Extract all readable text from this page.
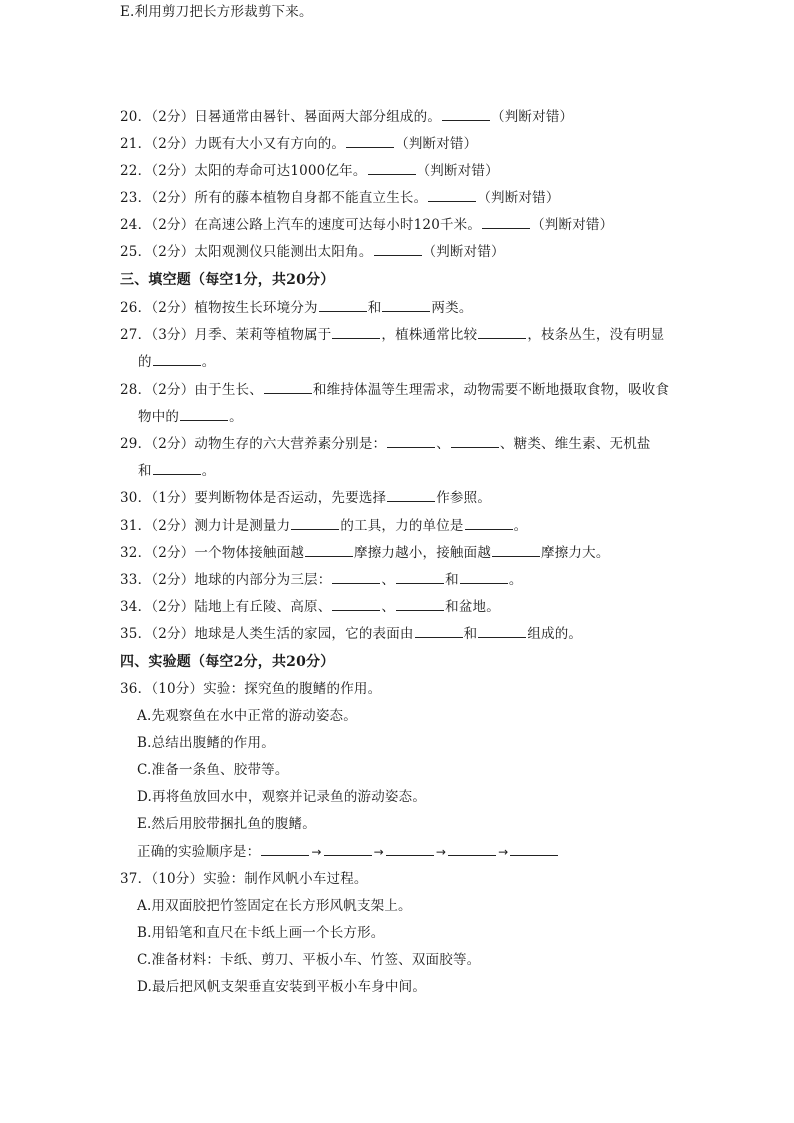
20．（2分）日晷通常由晷针、晷面两大部分组成的。	（判断对错）
21．（2分）力既有大小又有方向的。	（判断对错）
22．（2分）太阳的寿命可达1000亿年。	（判断对错）
23．（2分）所有的藤本植物自身都不能直立生长。	（判断对错）
24．（2分）在高速公路上汽车的速度可达每小时120千米。	（判断对错）
25．（2分）太阳观测仪只能测出太阳角。	（判断对错）
三、填空题（每空1分，共20分）
26．（2分）植物按生长环境分为	和	两类。
27．（3分）月季、茉莉等植物属于	，植株通常比较	，枝条丛生，没有明显
的	。
28．（2分）由于生长、	和维持体温等生理需求，动物需要不断地摄取食物，吸收食
物中的	。
29．（2分）动物生存的六大营养素分别是：	、	、糖类、维生素、无机盐
和	。
30．（1分）要判断物体是否运动，先要选择	作参照。
31．（2分）测力计是测量力	的工具，力的单位是	。
32．（2分）一个物体接触面越	摩擦力越小，接触面越	摩擦力大。
33．（2分）地球的内部分为三层：	、	和	。
34．（2分）陆地上有丘陵、高原、	、	和盆地。
35．（2分）地球是人类生活的家园，它的表面由	和	组成的。
四、实验题（每空2分，共20分）
36．（10分）实验：探究鱼的腹鳍的作用。
A.先观察鱼在水中正常的游动姿态。
B.总结出腹鳍的作用。
C.准备一条鱼、胶带等。
D.再将鱼放回水中，观察并记录鱼的游动姿态。
E.然后用胶带捆扎鱼的腹鳍。
正确的实验顺序是：	→	→	→	→
37．（10分）实验：制作风帆小车过程。
A.用双面胶把竹签固定在长方形风帆支架上。
B.用铅笔和直尺在卡纸上画一个长方形。
C.准备材料：卡纸、剪刀、平板小车、竹签、双面胶等。
D.最后把风帆支架垂直安装到平板小车身中间。
E.利用剪刀把长方形裁剪下来。
